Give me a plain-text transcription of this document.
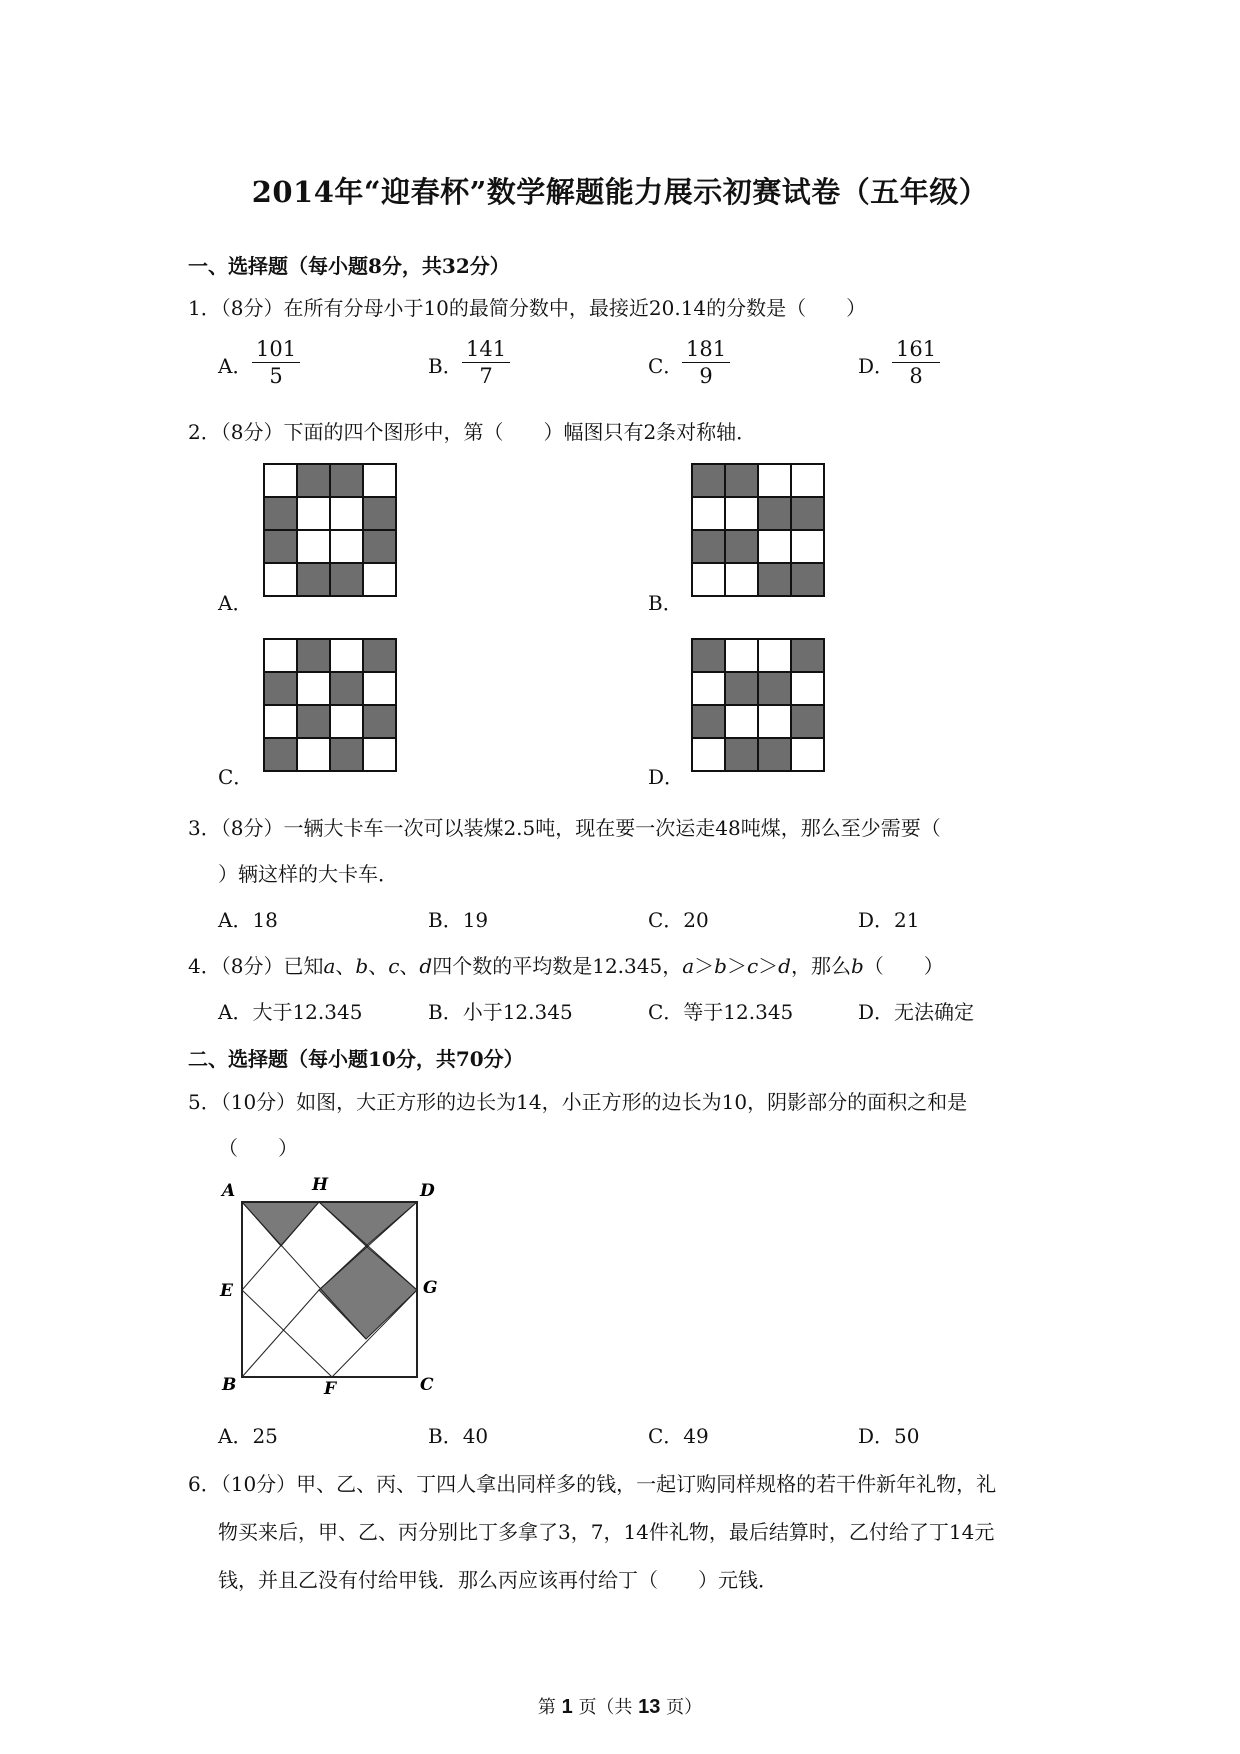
2014年“迎春杯”数学解题能力展示初赛试卷（五年级）
一、选择题（每小题8分，共32分）
1．（8分）在所有分母小于10的最简分数中，最接近20.14的分数是（　　）
A． $\frac{101}{5}$	B． $\frac{141}{7}$	C．
$\frac{181}{9}$	D．
$\frac{161}{8}$
2．（8分）下面的四个图形中，第（　　）幅图只有2条对称轴．
A．	B．
C．	D．
3．（8分）一辆大卡车一次可以装煤2.5吨，现在要一次运走48吨煤，那么至少需要（
）辆这样的大卡车．
A．18	B．19	C．20	D．21
4．（8分）已知a、b、c、d四个数的平均数是12.345，a＞b＞c＞d，那么b（　　）
A．大于12.345	B．小于12.345	C．等于12.345	D．无法确定
二、选择题（每小题10分，共70分）
5．（10分）如图，大正方形的边长为14，小正方形的边长为10，阴影部分的面积之和是
（　　）
A	H	D
G
E
B	F	C
A．25	B．40	C．49	D．50
6．（10分）甲、乙、丙、丁四人拿出同样多的钱，一起订购同样规格的若干件新年礼物，礼
物买来后，甲、乙、丙分别比丁多拿了3，7，14件礼物，最后结算时，乙付给了丁14元
钱，并且乙没有付给甲钱．那么丙应该再付给丁（　　）元钱．
第 1 页（共 13 页）
